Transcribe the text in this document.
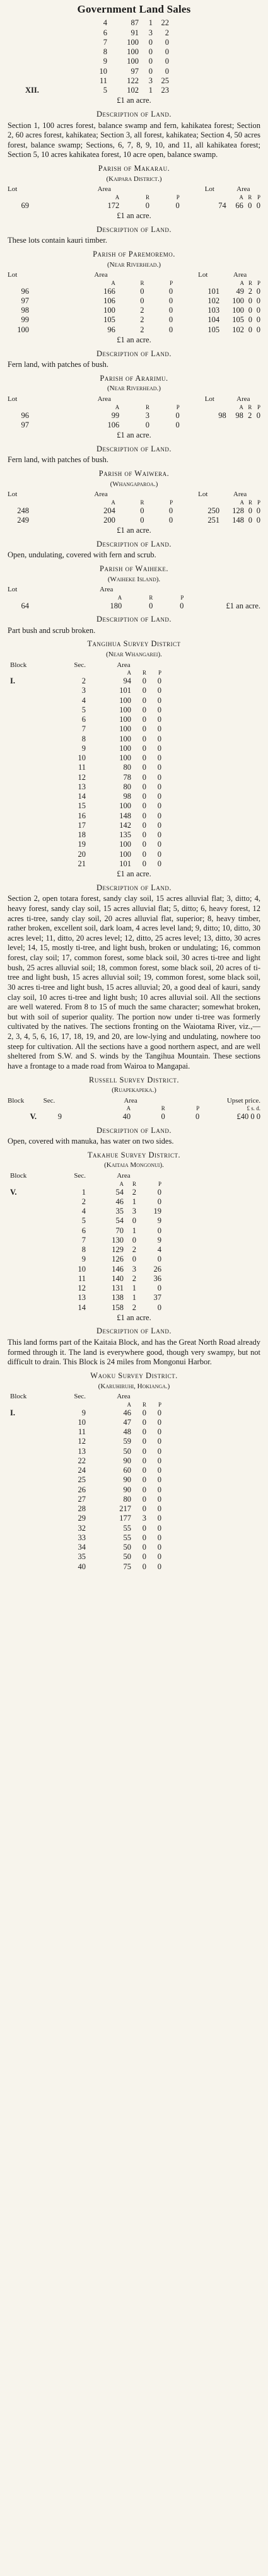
Government Land Sales
	4	87	1	22
	6	91	3	2
	7	100	0	0
	8	100	0	0
	9	100	0	0
	10	97	0	0
	11	122	3	25
XII.	5	102	1	23
£1 an acre.
Description of Land.

Section 1, 100 acres forest, balance swamp and fern, kahikatea forest; Section 2, 60 acres forest, kahikatea; Section 3, all forest, kahikatea; Section 4, 50 acres forest, balance swamp; Sections, 6, 7, 8, 9, 10, and 11, all kahikatea forest; Section 5, 10 acres kahikatea forest, 10 acre open, balance swamp.

Parish of Makarau.
(Kaipara District.)
Lot	Area				Lot	Area		
	A	R	P			A	R	P
69	172	0	0		74	66	0	0
£1 an acre.
Description of Land.

These lots contain kauri timber.

Parish of Paremoremo.
(Near Riverhead.)
Lot	Area				Lot	Area		
	A	R	P			A	R	P
96	166	0	0		101	49	2	0
97	106	0	0		102	100	0	0
98	100	2	0		103	100	0	0
99	105	2	0		104	105	0	0
100	96	2	0		105	102	0	0
£1 an acre.
Description of Land.

Fern land, with patches of bush.

Parish of Ararimu.
(Near Riverhead.)
Lot	Area				Lot	Area		
	A	R	P			A	R	P
96	99	3	0		98	98	2	0
97	106	0	0					
£1 an acre.
Description of Land.

Fern land, with patches of bush.

Parish of Waiwera.
(Whangaparoa.)
Lot	Area				Lot	Area		
	A	R	P			A	R	P
248	204	0	0		250	128	0	0
249	200	0	0		251	148	0	0
£1 an acre.
Description of Land.

Open, undulating, covered with fern and scrub.

Parish of Waiheke.
(Waiheke Island).
Lot	Area			
	A	R	P	
64	180	0	0	£1 an acre.
Description of Land.

Part bush and scrub broken.

Tangihua Survey District
(Near Whangarei).
Block	Sec.	Area		
		A	R	P
I.	2	94	0	0
	3	101	0	0
	4	100	0	0
	5	100	0	0
	6	100	0	0
	7	100	0	0
	8	100	0	0
	9	100	0	0
	10	100	0	0
	11	80	0	0
	12	78	0	0
	13	80	0	0
	14	98	0	0
	15	100	0	0
	16	148	0	0
	17	142	0	0
	18	135	0	0
	19	100	0	0
	20	100	0	0
	21	101	0	0
£1 an acre.
Description of Land.

Section 2, open totara forest, sandy clay soil, 15 acres alluvial flat; 3, ditto; 4, heavy forest, sandy clay soil, 15 acres alluvial flat; 5, ditto; 6, heavy forest, 12 acres ti-tree, sandy clay soil, 20 acres alluvial flat, superior; 8, heavy timber, rather broken, excellent soil, dark loam, 4 acres level land; 9, ditto; 10, ditto, 30 acres level; 11, ditto, 20 acres level; 12, ditto, 25 acres level; 13, ditto, 30 acres level; 14, 15, mostly ti-tree, and light bush, broken or undulating; 16, common forest, clay soil; 17, common forest, some black soil, 30 acres ti-tree and light bush, 25 acres alluvial soil; 18, common forest, some black soil, 20 acres of ti-tree and light bush, 15 acres alluvial soil; 19, common forest, some black soil, 30 acres ti-tree and light bush, 15 acres alluvial; 20, a good deal of kauri, sandy clay soil, 10 acres ti-tree and light bush; 10 acres alluvial soil. All the sections are well watered. From 8 to 15 of much the same character; somewhat broken, but with soil of superior quality. The portion now under ti-tree was formerly cultivated by the natives. The sections fronting on the Waiotama River, viz.,—2, 3, 4, 5, 6, 16, 17, 18, 19, and 20, are low-lying and undulating, nowhere too steep for cultivation. All the sections have a good northern aspect, and are well sheltered from S.W. and S. winds by the Tangihua Mountain. These sections have a frontage to a made road from Wairoa to Mangapai.

Russell Survey District.
(Ruapekapeka.)
Block	Sec.	Area			Upset price.
		A	R	P	£ s. d.
V.	9	40	0	0	£40 0 0
Description of Land.

Open, covered with manuka, has water on two sides.

Takahue Survey District.
(Kaitaia Mongonui).
Block	Sec.	Area		
		A	R	P
V.	1	54	2	0
	2	46	1	0
	4	35	3	19
	5	54	0	9
	6	70	1	0
	7	130	0	9
	8	129	2	4
	9	126	0	0
	10	146	3	26
	11	140	2	36
	12	131	1	0
	13	138	1	37
	14	158	2	0
£1 an acre.
Description of Land.

This land forms part of the Kaitaia Block, and has the Great North Road already formed through it. The land is everywhere good, though very swampy, but not difficult to drain. This Block is 24 miles from Mongonui Harbor.

Waoku Survey District.
(Karuhiruhi, Hokianga.)
Block	Sec.	Area		
		A	R	P
I.	9	46	0	0
	10	47	0	0
	11	48	0	0
	12	59	0	0
	13	50	0	0
	22	90	0	0
	24	60	0	0
	25	90	0	0
	26	90	0	0
	27	80	0	0
	28	217	0	0
	29	177	3	0
	32	55	0	0
	33	55	0	0
	34	50	0	0
	35	50	0	0
	40	75	0	0
